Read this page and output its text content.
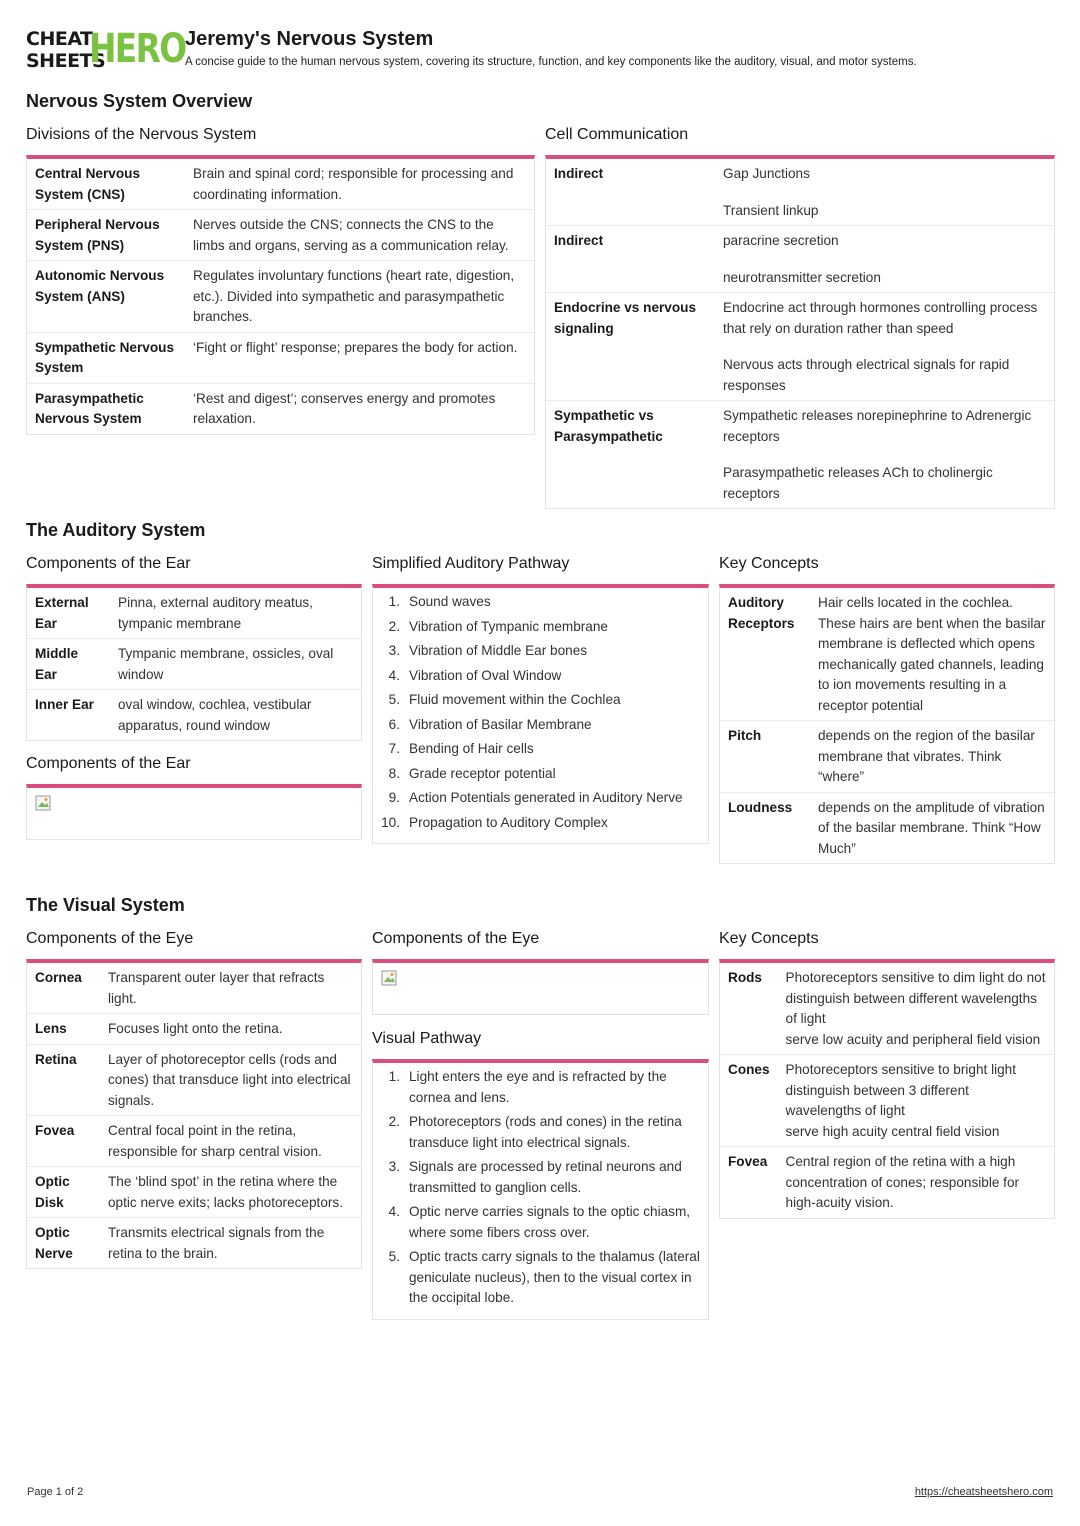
CHEAT
SHEETS
HERO Jeremy's Nervous System
A concise guide to the human nervous system, covering its structure, function, and key components like the auditory, visual, and motor systems.
Nervous System Overview
Divisions of the Nervous System
Central Nervous System (CNS)	Brain and spinal cord; responsible for processing and coordinating information.

Peripheral Nervous System (PNS)	Nerves outside the CNS; connects the CNS to the limbs and organs, serving as a communication relay.

Autonomic Nervous System (ANS)	Regulates involuntary functions (heart rate, digestion, etc.). Divided into sympathetic and parasympathetic branches.

Sympathetic Nervous System	‘Fight or flight’ response; prepares the body for action.

Parasympathetic Nervous System	‘Rest and digest’; conserves energy and promotes relaxation.
Cell Communication
Indirect	Gap Junctions
Transient linkup

Indirect	paracrine secretion
neurotransmitter secretion

Endocrine vs nervous signaling	Endocrine act through hormones controlling process that rely on duration rather than speed
Nervous acts through electrical signals for rapid responses

Sympathetic vs Parasympathetic	Sympathetic releases norepinephrine to Adrenergic receptors
Parasympathetic releases ACh to cholinergic receptors
The Auditory System
Components of the Ear
External Ear	Pinna, external auditory meatus, tympanic membrane

Middle Ear	Tympanic membrane, ossicles, oval window

Inner Ear	oval window, cochlea, vestibular apparatus, round window
Components of the Ear
Simplified Auditory Pathway
1. Sound waves
2. Vibration of Tympanic membrane
3. Vibration of Middle Ear bones
4. Vibration of Oval Window
5. Fluid movement within the Cochlea
6. Vibration of Basilar Membrane
7. Bending of Hair cells
8. Grade receptor potential
9. Action Potentials generated in Auditory Nerve
10. Propagation to Auditory Complex
Key Concepts
Auditory Receptors	Hair cells located in the cochlea. These hairs are bent when the basilar membrane is deflected which opens mechanically gated channels, leading to ion movements resulting in a receptor potential

Pitch	depends on the region of the basilar membrane that vibrates. Think “where”

Loudness	depends on the amplitude of vibration of the basilar membrane. Think “How Much”
The Visual System
Components of the Eye
Cornea	Transparent outer layer that refracts light.

Lens	Focuses light onto the retina.

Retina	Layer of photoreceptor cells (rods and cones) that transduce light into electrical signals.

Fovea	Central focal point in the retina, responsible for sharp central vision.

Optic Disk	The ‘blind spot’ in the retina where the optic nerve exits; lacks photoreceptors.

Optic Nerve	Transmits electrical signals from the retina to the brain.
Components of the Eye
Visual Pathway
1. Light enters the eye and is refracted by the cornea and lens.
2. Photoreceptors (rods and cones) in the retina transduce light into electrical signals.
3. Signals are processed by retinal neurons and transmitted to ganglion cells.
4. Optic nerve carries signals to the optic chiasm, where some fibers cross over.
5. Optic tracts carry signals to the thalamus (lateral geniculate nucleus), then to the visual cortex in the occipital lobe.
Key Concepts
Rods	Photoreceptors sensitive to dim light do not distinguish between different wavelengths of light
serve low acuity and peripheral field vision

Cones	Photoreceptors sensitive to bright light distinguish between 3 different wavelengths of light
serve high acuity central field vision

Fovea	Central region of the retina with a high concentration of cones; responsible for high-acuity vision.
Page 1 of 2	https://cheatsheetshero.com
